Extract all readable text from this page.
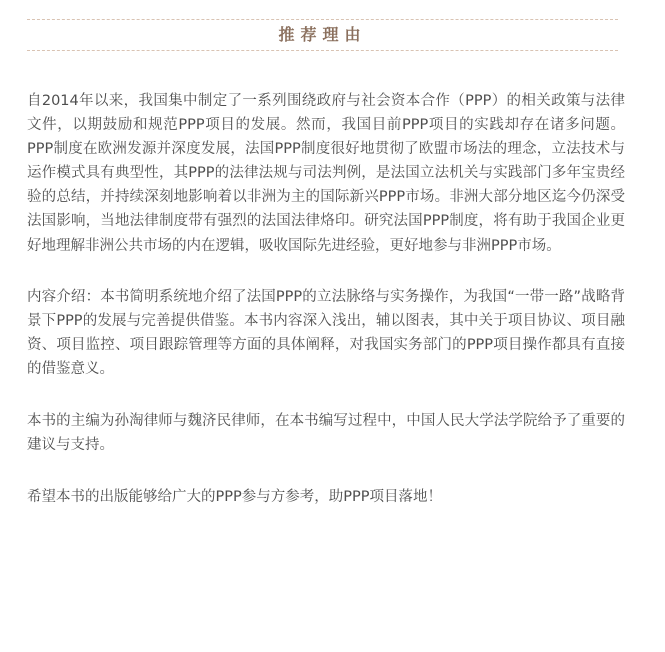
推荐理由

自2014年以来，我国集中制定了一系列围绕政府与社会资本合作（PPP）的相关政策与法律文件，以期鼓励和规范PPP项目的发展。然而，我国目前PPP项目的实践却存在诸多问题。PPP制度在欧洲发源并深度发展，法国PPP制度很好地贯彻了欧盟市场法的理念，立法技术与运作模式具有典型性，其PPP的法律法规与司法判例，是法国立法机关与实践部门多年宝贵经验的总结，并持续深刻地影响着以非洲为主的国际新兴PPP市场。非洲大部分地区迄今仍深受法国影响，当地法律制度带有强烈的法国法律烙印。研究法国PPP制度，将有助于我国企业更好地理解非洲公共市场的内在逻辑，吸收国际先进经验，更好地参与非洲PPP市场。

内容介绍：本书简明系统地介绍了法国PPP的立法脉络与实务操作，为我国“一带一路”战略背景下PPP的发展与完善提供借鉴。本书内容深入浅出，辅以图表，其中关于项目协议、项目融资、项目监控、项目跟踪管理等方面的具体阐释，对我国实务部门的PPP项目操作都具有直接的借鉴意义。

本书的主编为孙淘律师与魏济民律师，在本书编写过程中，中国人民大学法学院给予了重要的建议与支持。

希望本书的出版能够给广大的PPP参与方参考，助PPP项目落地！
